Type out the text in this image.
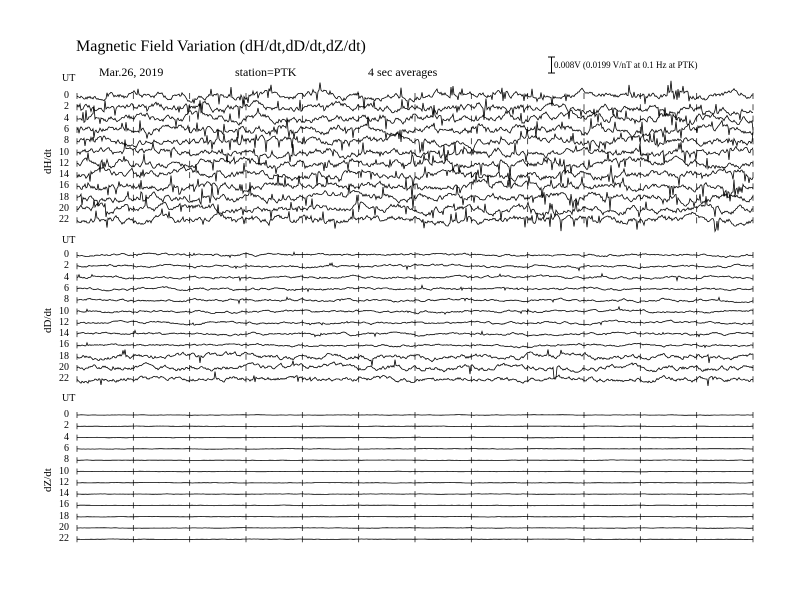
Magnetic Field Variation (dH/dt,dD/dt,dZ/dt)
Mar.26, 2019	station=PTK	4 sec averages	0.008V (0.0199 V/nT at 0.1 Hz at PTK)
UT
dH/dt
0
2
4
6
8
10
12
14
16
18
20
22
UT
dD/dt
0
2
4
6
8
10
12
14
16
18
20
22
UT
dZ/dt
0
2
4
6
8
10
12
14
16
18
20
22
